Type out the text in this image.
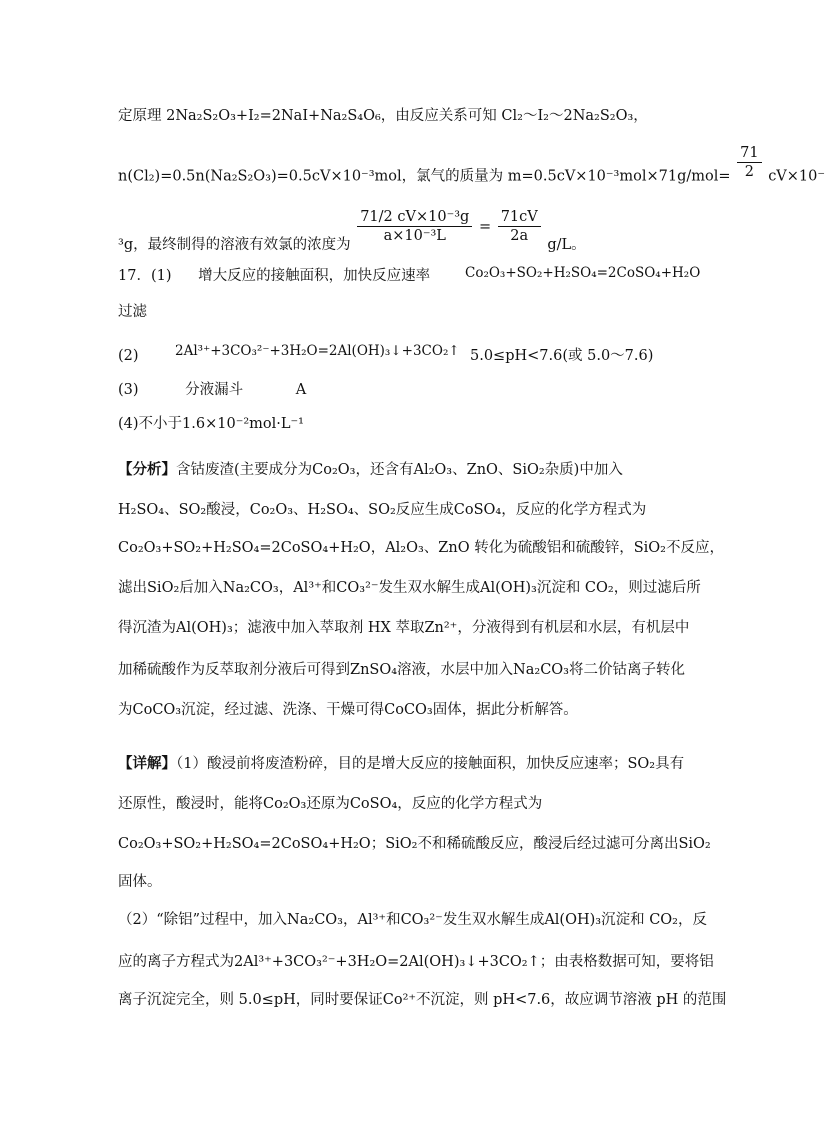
定原理 2Na₂S₂O₃+I₂=2NaI+Na₂S₄O₆，由反应关系可知 Cl₂～I₂～2Na₂S₂O₃，
n(Cl₂)=0.5n(Na₂S₂O₃)=0.5cV×10⁻³mol，氯气的质量为 $m=0.5cV\times 10^{-3}mol\times 71g/mol= \frac{71}{2} cV\times 10^-$
³g，最终制得的溶液有效氯的浓度为 $\frac{\text{71/2 cV×10⁻³g}}{\text{a×10⁻³L}} = \frac{71cV}{2a} g/L$。
17．(1) 增大反应的接触面积，加快反应速率	Co₂O₃+SO₂+H₂SO₄=2CoSO₄+H₂O
过滤
(2)	2Al³⁺+3CO₃²⁻+3H₂O=2Al(OH)₃↓+3CO₂↑ 5.0≤pH<7.6(或 5.0～7.6)
(3)	分液漏斗	A
(4)不小于1.6×10⁻²mol·L⁻¹
【分析】含钴废渣(主要成分为Co₂O₃，还含有Al₂O₃、ZnO、SiO₂杂质)中加入
H₂SO₄、SO₂酸浸，Co₂O₃、H₂SO₄、SO₂反应生成CoSO₄，反应的化学方程式为
Co₂O₃+SO₂+H₂SO₄=2CoSO₄+H₂O，Al₂O₃、ZnO 转化为硫酸铝和硫酸锌，SiO₂不反应，
滤出SiO₂后加入Na₂CO₃，Al³⁺和CO₃²⁻发生双水解生成Al(OH)₃沉淀和 CO₂，则过滤后所
得沉渣为Al(OH)₃；滤液中加入萃取剂 HX 萃取Zn²⁺，分液得到有机层和水层，有机层中
加稀硫酸作为反萃取剂分液后可得到ZnSO₄溶液，水层中加入Na₂CO₃将二价钴离子转化
为CoCO₃沉淀，经过滤、洗涤、干燥可得CoCO₃固体，据此分析解答。
【详解】（1）酸浸前将废渣粉碎，目的是增大反应的接触面积，加快反应速率；SO₂具有
还原性，酸浸时，能将Co₂O₃还原为CoSO₄，反应的化学方程式为
Co₂O₃+SO₂+H₂SO₄=2CoSO₄+H₂O；SiO₂不和稀硫酸反应，酸浸后经过滤可分离出SiO₂
固体。
（2）“除铝”过程中，加入Na₂CO₃，Al³⁺和CO₃²⁻发生双水解生成Al(OH)₃沉淀和 CO₂，反
应的离子方程式为2Al³⁺+3CO₃²⁻+3H₂O=2Al(OH)₃↓+3CO₂↑；由表格数据可知，要将铝
离子沉淀完全，则 5.0≤pH，同时要保证Co²⁺不沉淀，则 pH<7.6，故应调节溶液 pH 的范围
